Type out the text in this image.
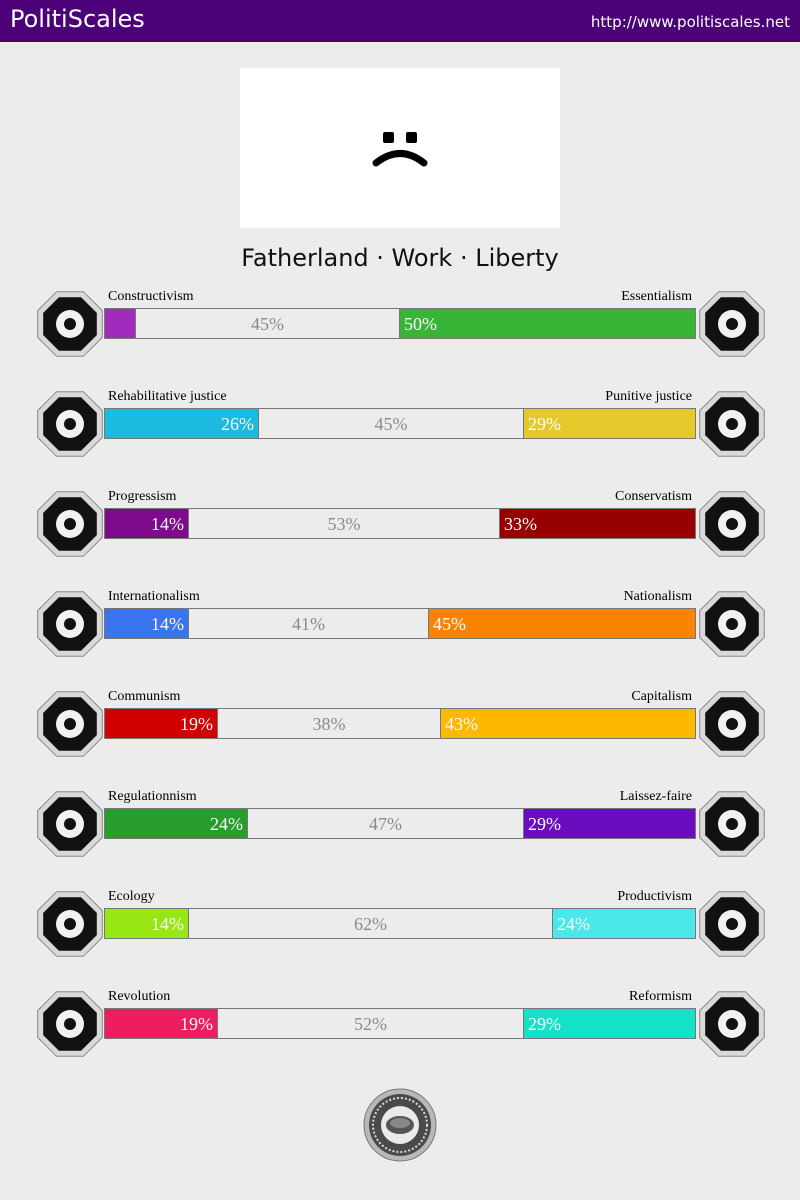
PolitiScales	http://www.politiscales.net
Fatherland · Work · Liberty
Constructivism	Essentialism
45%	50%
Rehabilitative justice	Punitive justice
26%	45%	29%
Progressism	Conservatism
14%	53%	33%
Internationalism	Nationalism
14%	41%	45%
Communism	Capitalism
19%	38%	43%
Regulationnism	Laissez-faire
24%	47%	29%
Ecology	Productivism
14%	62%	24%
Revolution	Reformism
19%	52%	29%
